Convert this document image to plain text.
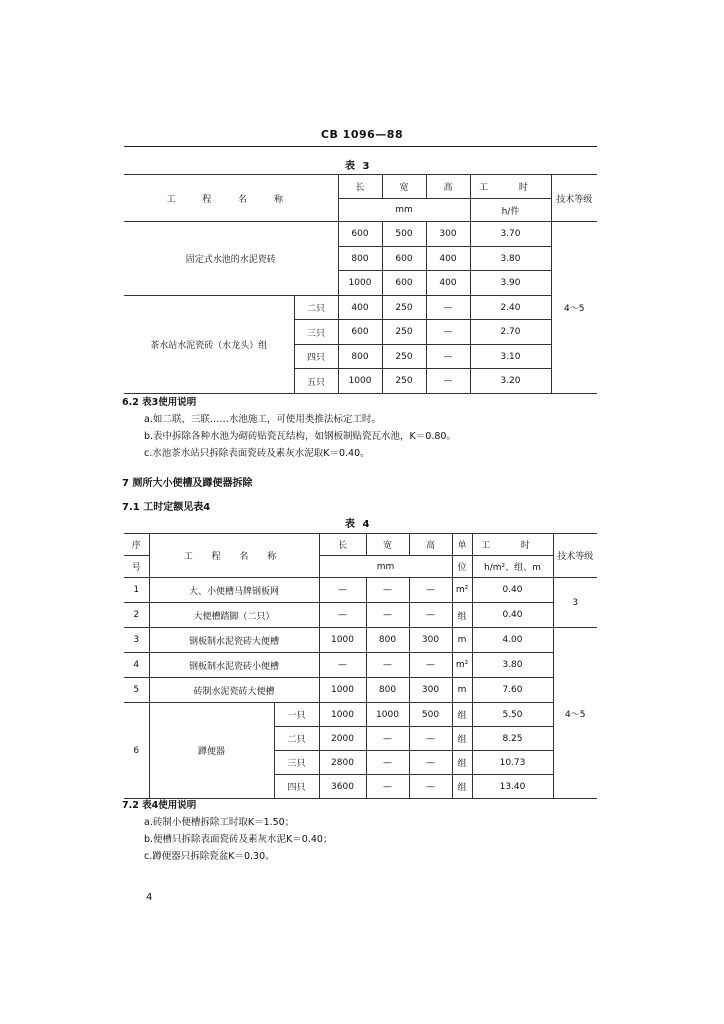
CB 1096—88
表 3
工 程 名 称		长	宽	高	工 时	技术等级
		mm			h/件	
固定式水池的水泥瓷砖		600	500	300	3.70	4～5
		800	600	400	3.80	
		1000	600	400	3.90	
茶水站水泥瓷砖（水龙头）组	二只	400	250	—	2.40	
	三只	600	250	—	2.70	
	四只	800	250	—	3.10	
	五只	1000	250	—	3.20	
6.2 表3使用说明
a.如二联、三联……水池施工，可使用类推法标定工时。
b.表中拆除各种水池为砌砖贴瓷瓦结构，如钢板制贴瓷瓦水池，K＝0.80。
c.水池茶水站只拆除表面瓷砖及素灰水泥取K＝0.40。
7 厕所大小便槽及蹲便器拆除
7.1 工时定额见表4
表 4
序	工 程 名 称		长	宽	高	单	工 时	技术等级
号			mm			位	h/m²、组、m	
1	大、小便槽马牌钢板网		—	—	—	m²	0.40	3
2	大便槽踏脚（二只）		—	—	—	组	0.40	
3	钢板制水泥瓷砖大便槽		1000	800	300	m	4.00	4～5
4	钢板制水泥瓷砖小便槽		—	—	—	m²	3.80	
5	砖制水泥瓷砖大便槽		1000	800	300	m	7.60	
6	蹲便器	一只	1000	1000	500	组	5.50	
		二只	2000	—	—	组	8.25	
		三只	2800	—	—	组	10.73	
		四只	3600	—	—	组	13.40	
7.2 表4使用说明
a.砖制小便槽拆除工时取K＝1.50；
b.便槽只拆除表面瓷砖及素灰水泥K＝0.40；
c.蹲便器只拆除瓷盆K＝0.30。
4
